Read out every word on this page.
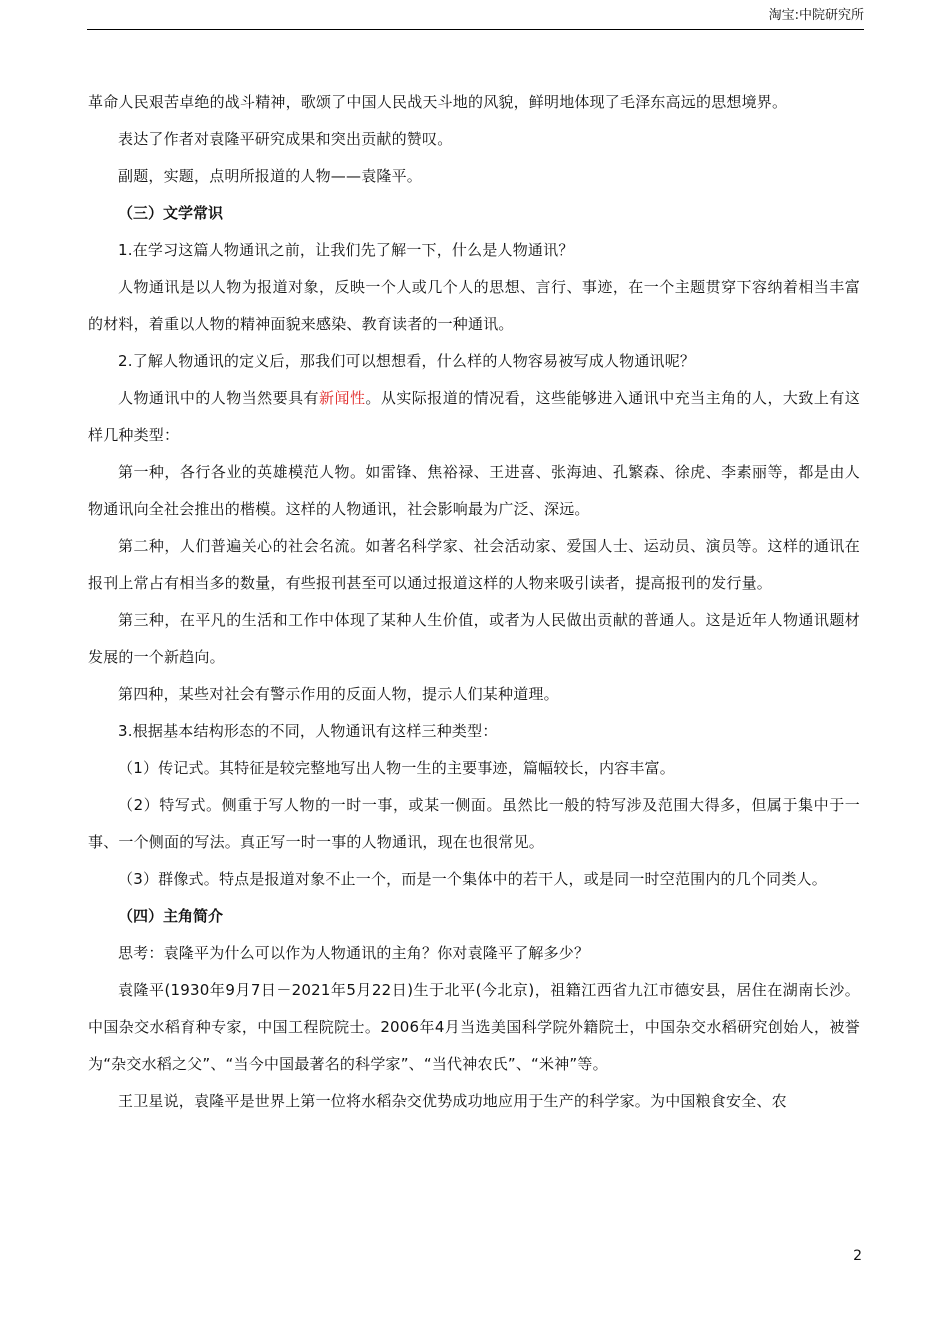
淘宝:中院研究所

革命人民艰苦卓绝的战斗精神，歌颂了中国人民战天斗地的风貌，鲜明地体现了毛泽东高远的思想境界。

表达了作者对袁隆平研究成果和突出贡献的赞叹。

副题，实题，点明所报道的人物——袁隆平。

（三）文学常识

1.在学习这篇人物通讯之前，让我们先了解一下，什么是人物通讯？

人物通讯是以人物为报道对象，反映一个人或几个人的思想、言行、事迹，在一个主题贯穿下容纳着相当丰富的材料，着重以人物的精神面貌来感染、教育读者的一种通讯。

2.了解人物通讯的定义后，那我们可以想想看，什么样的人物容易被写成人物通讯呢？

人物通讯中的人物当然要具有新闻性。从实际报道的情况看，这些能够进入通讯中充当主角的人，大致上有这样几种类型：

第一种，各行各业的英雄模范人物。如雷锋、焦裕禄、王进喜、张海迪、孔繁森、徐虎、李素丽等，都是由人物通讯向全社会推出的楷模。这样的人物通讯，社会影响最为广泛、深远。

第二种，人们普遍关心的社会名流。如著名科学家、社会活动家、爱国人士、运动员、演员等。这样的通讯在报刊上常占有相当多的数量，有些报刊甚至可以通过报道这样的人物来吸引读者，提高报刊的发行量。

第三种，在平凡的生活和工作中体现了某种人生价值，或者为人民做出贡献的普通人。这是近年人物通讯题材发展的一个新趋向。

第四种，某些对社会有警示作用的反面人物，提示人们某种道理。

3.根据基本结构形态的不同，人物通讯有这样三种类型：

（1）传记式。其特征是较完整地写出人物一生的主要事迹，篇幅较长，内容丰富。

（2）特写式。侧重于写人物的一时一事，或某一侧面。虽然比一般的特写涉及范围大得多，但属于集中于一事、一个侧面的写法。真正写一时一事的人物通讯，现在也很常见。

（3）群像式。特点是报道对象不止一个，而是一个集体中的若干人，或是同一时空范围内的几个同类人。

（四）主角简介

思考：袁隆平为什么可以作为人物通讯的主角？你对袁隆平了解多少？

袁隆平(1930年9月7日－2021年5月22日)生于北平(今北京)，祖籍江西省九江市德安县，居住在湖南长沙。中国杂交水稻育种专家，中国工程院院士。2006年4月当选美国科学院外籍院士，中国杂交水稻研究创始人，被誉为“杂交水稻之父”、“当今中国最著名的科学家”、“当代神农氏”、“米神”等。

王卫星说，袁隆平是世界上第一位将水稻杂交优势成功地应用于生产的科学家。为中国粮食安全、农

2
